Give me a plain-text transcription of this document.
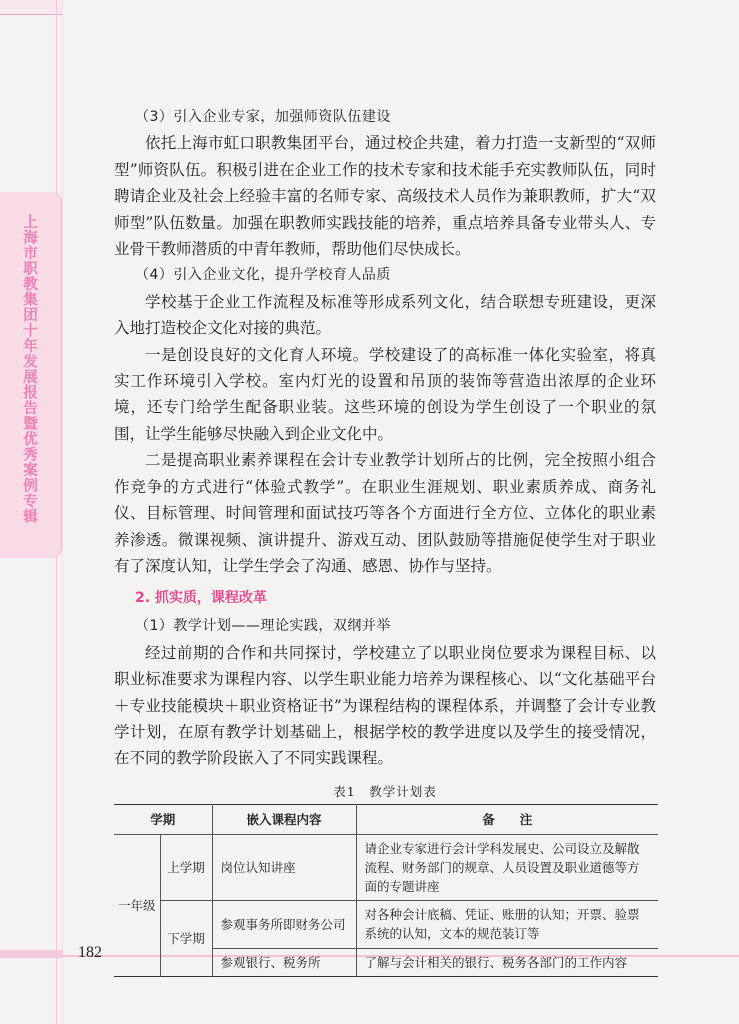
上海市职教集团十年发展报告暨优秀案例专辑
182
（3）引入企业专家，加强师资队伍建设

依托上海市虹口职教集团平台，通过校企共建，着力打造一支新型的“双师型”师资队伍。积极引进在企业工作的技术专家和技术能手充实教师队伍，同时聘请企业及社会上经验丰富的名师专家、高级技术人员作为兼职教师，扩大“双师型”队伍数量。加强在职教师实践技能的培养，重点培养具备专业带头人、专业骨干教师潜质的中青年教师，帮助他们尽快成长。

（4）引入企业文化，提升学校育人品质

学校基于企业工作流程及标准等形成系列文化，结合联想专班建设，更深入地打造校企文化对接的典范。

一是创设良好的文化育人环境。学校建设了的高标准一体化实验室，将真实工作环境引入学校。室内灯光的设置和吊顶的装饰等营造出浓厚的企业环境，还专门给学生配备职业装。这些环境的创设为学生创设了一个职业的氛围，让学生能够尽快融入到企业文化中。

二是提高职业素养课程在会计专业教学计划所占的比例，完全按照小组合作竞争的方式进行“体验式教学”。在职业生涯规划、职业素质养成、商务礼仪、目标管理、时间管理和面试技巧等各个方面进行全方位、立体化的职业素养渗透。微课视频、演讲提升、游戏互动、团队鼓励等措施促使学生对于职业有了深度认知，让学生学会了沟通、感恩、协作与坚持。

2. 抓实质，课程改革
（1）教学计划——理论实践，双纲并举

经过前期的合作和共同探讨，学校建立了以职业岗位要求为课程目标、以职业标准要求为课程内容、以学生职业能力培养为课程核心、以“文化基础平台＋专业技能模块＋职业资格证书”为课程结构的课程体系，并调整了会计专业教学计划，在原有教学计划基础上，根据学校的教学进度以及学生的接受情况，在不同的教学阶段嵌入了不同实践课程。

表1　教学计划表
学期		嵌入课程内容	备　　注
一年级	上学期	岗位认知讲座	请企业专家进行会计学科发展史、公司设立及解散流程、财务部门的规章、人员设置及职业道德等方面的专题讲座
	下学期	参观事务所即财务公司	对各种会计底稿、凭证、账册的认知；开票、验票系统的认知，文本的规范装订等
		参观银行、税务所	了解与会计相关的银行、税务各部门的工作内容
